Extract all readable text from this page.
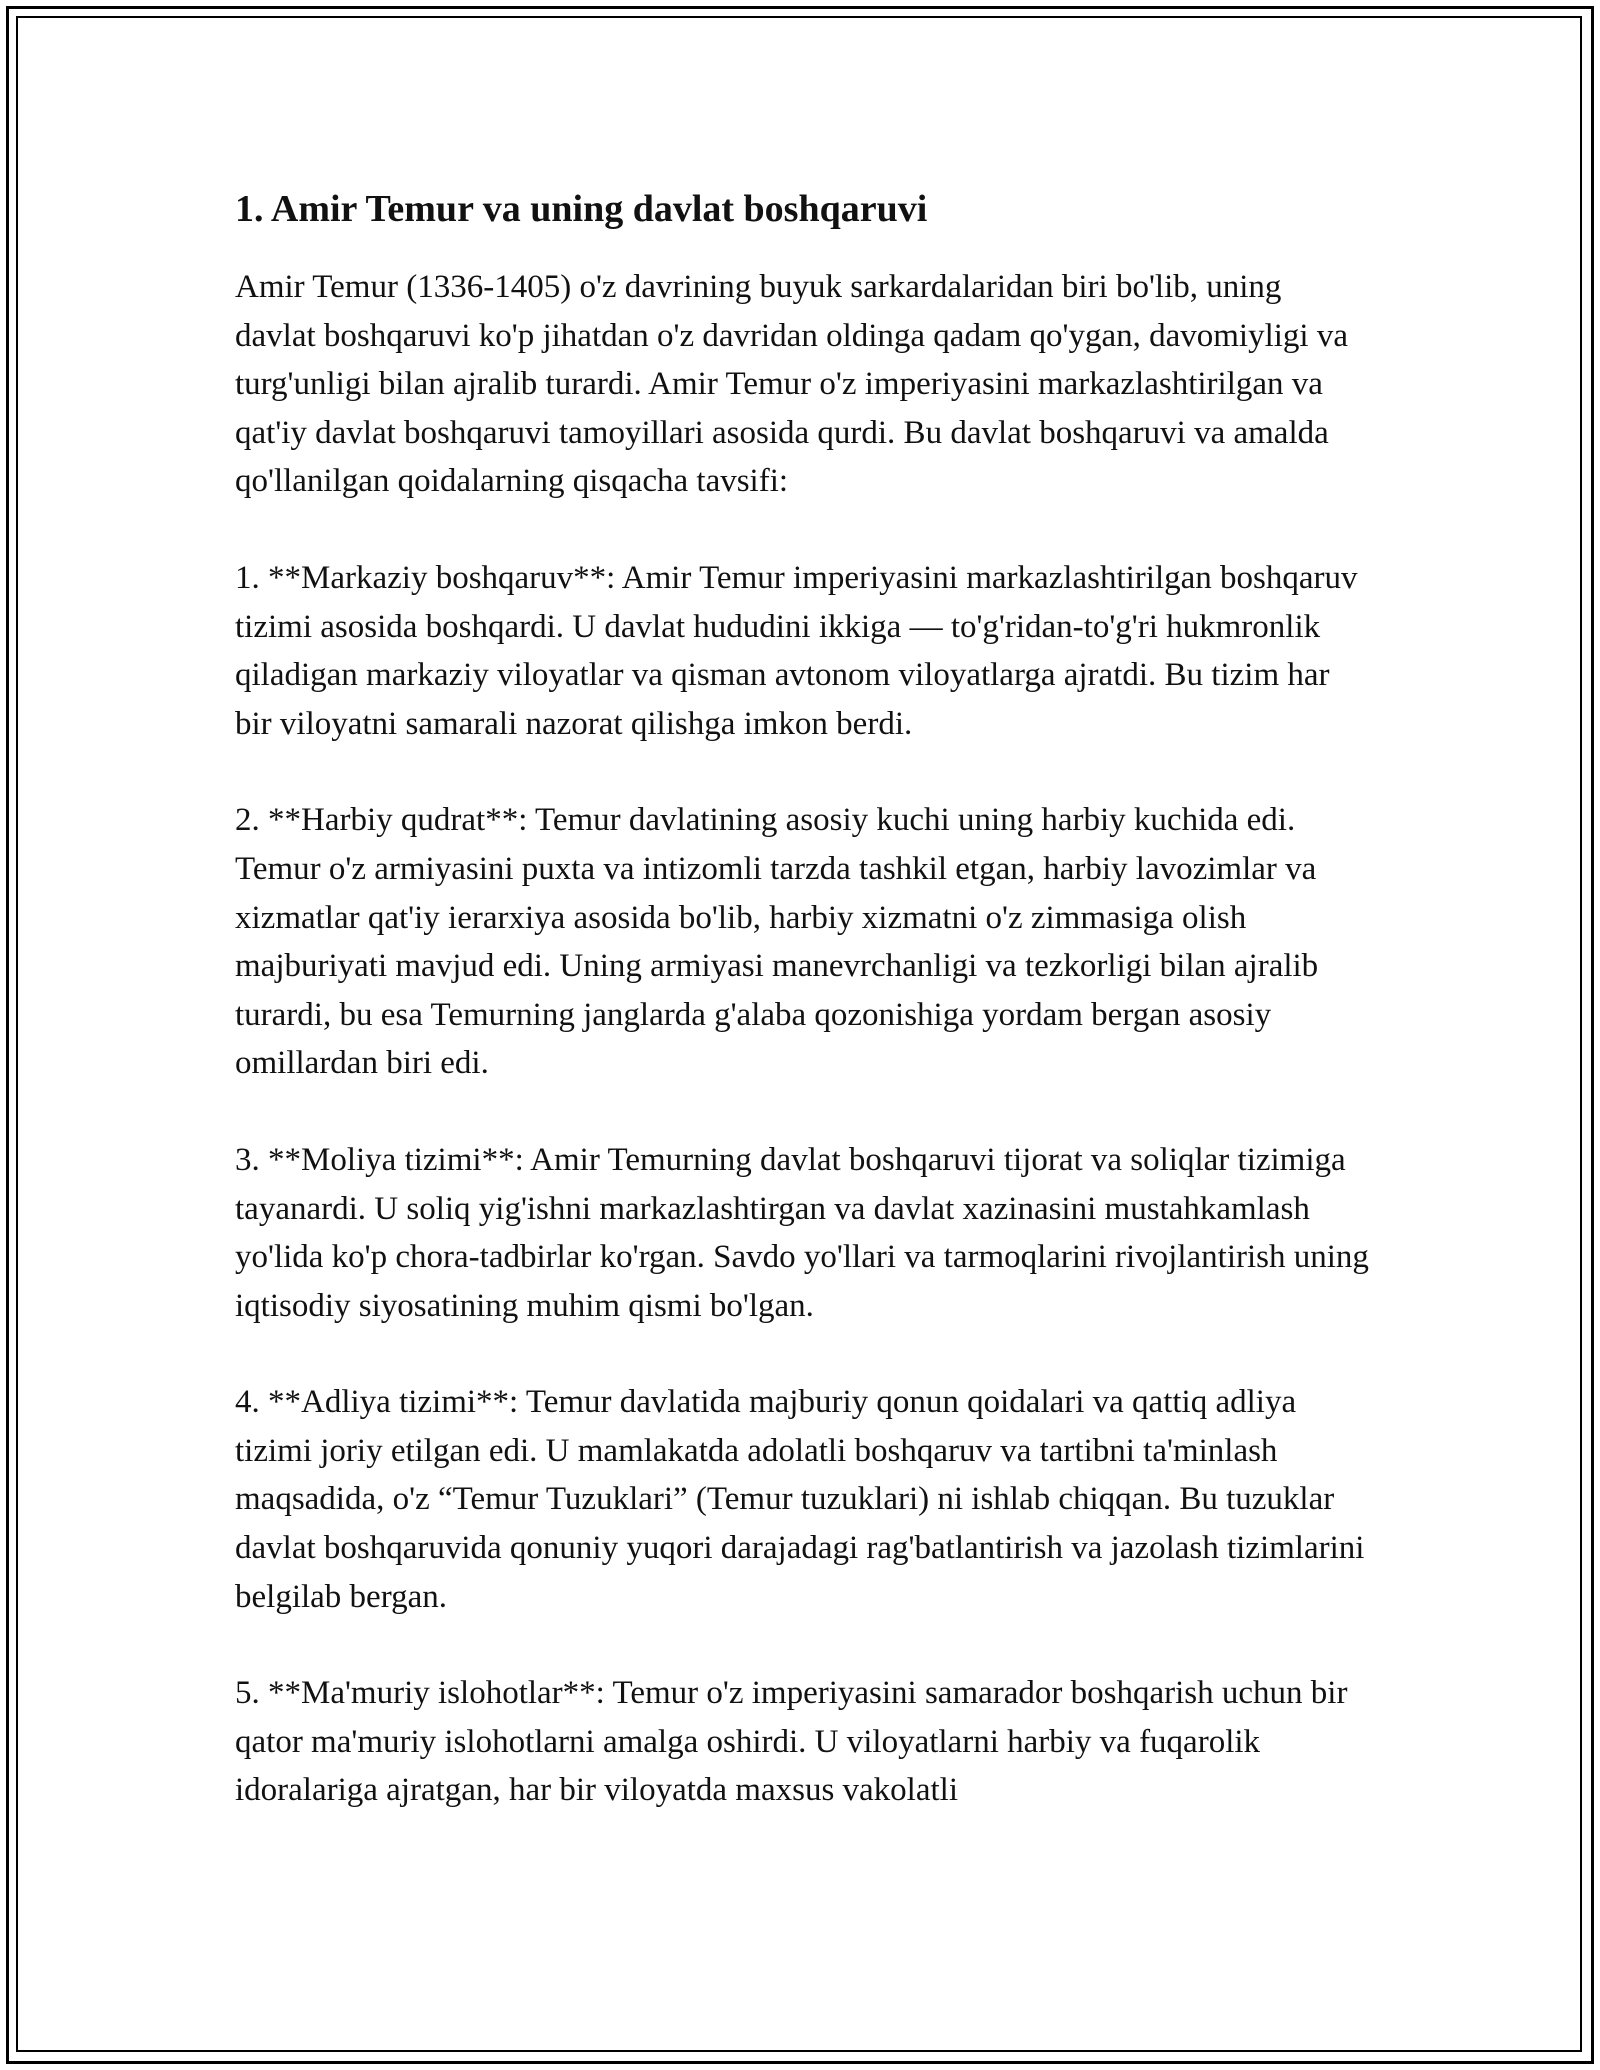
1. Amir Temur va uning davlat boshqaruvi

Amir Temur (1336-1405) o'z davrining buyuk sarkardalaridan biri bo'lib, uning davlat boshqaruvi ko'p jihatdan o'z davridan oldinga qadam qo'ygan, davomiyligi va turg'unligi bilan ajralib turardi. Amir Temur o'z imperiyasini markazlashtirilgan va qat'iy davlat boshqaruvi tamoyillari asosida qurdi. Bu davlat boshqaruvi va amalda qo'llanilgan qoidalarning qisqacha tavsifi:

1. **Markaziy boshqaruv**: Amir Temur imperiyasini markazlashtirilgan boshqaruv tizimi asosida boshqardi. U davlat hududini ikkiga — to'g'ridan-to'g'ri hukmronlik qiladigan markaziy viloyatlar va qisman avtonom viloyatlarga ajratdi. Bu tizim har bir viloyatni samarali nazorat qilishga imkon berdi.

2. **Harbiy qudrat**: Temur davlatining asosiy kuchi uning harbiy kuchida edi. Temur o'z armiyasini puxta va intizomli tarzda tashkil etgan, harbiy lavozimlar va xizmatlar qat'iy ierarxiya asosida bo'lib, harbiy xizmatni o'z zimmasiga olish majburiyati mavjud edi. Uning armiyasi manevrchanligi va tezkorligi bilan ajralib turardi, bu esa Temurning janglarda g'alaba qozonishiga yordam bergan asosiy omillardan biri edi.

3. **Moliya tizimi**: Amir Temurning davlat boshqaruvi tijorat va soliqlar tizimiga tayanardi. U soliq yig'ishni markazlashtirgan va davlat xazinasini mustahkamlash yo'lida ko'p chora-tadbirlar ko'rgan. Savdo yo'llari va tarmoqlarini rivojlantirish uning iqtisodiy siyosatining muhim qismi bo'lgan.

4. **Adliya tizimi**: Temur davlatida majburiy qonun qoidalari va qattiq adliya tizimi joriy etilgan edi. U mamlakatda adolatli boshqaruv va tartibni ta'minlash maqsadida, o'z “Temur Tuzuklari” (Temur tuzuklari) ni ishlab chiqqan. Bu tuzuklar davlat boshqaruvida qonuniy yuqori darajadagi rag'batlantirish va jazolash tizimlarini belgilab bergan.

5. **Ma'muriy islohotlar**: Temur o'z imperiyasini samarador boshqarish uchun bir qator ma'muriy islohotlarni amalga oshirdi. U viloyatlarni harbiy va fuqarolik idoralariga ajratgan, har bir viloyatda maxsus vakolatli
